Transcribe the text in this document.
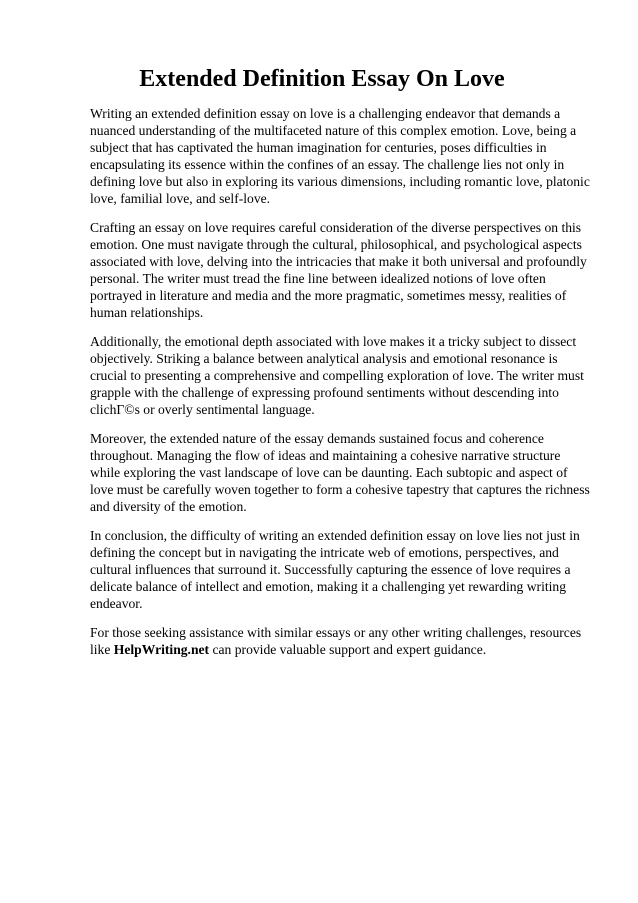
Extended Definition Essay On Love

Writing an extended definition essay on love is a challenging endeavor that demands a nuanced understanding of the multifaceted nature of this complex emotion. Love, being a subject that has captivated the human imagination for centuries, poses difficulties in encapsulating its essence within the confines of an essay. The challenge lies not only in defining love but also in exploring its various dimensions, including romantic love, platonic love, familial love, and self-love.

Crafting an essay on love requires careful consideration of the diverse perspectives on this emotion. One must navigate through the cultural, philosophical, and psychological aspects associated with love, delving into the intricacies that make it both universal and profoundly personal. The writer must tread the fine line between idealized notions of love often portrayed in literature and media and the more pragmatic, sometimes messy, realities of human relationships.

Additionally, the emotional depth associated with love makes it a tricky subject to dissect objectively. Striking a balance between analytical analysis and emotional resonance is crucial to presenting a comprehensive and compelling exploration of love. The writer must grapple with the challenge of expressing profound sentiments without descending into clichГ©s or overly sentimental language.

Moreover, the extended nature of the essay demands sustained focus and coherence throughout. Managing the flow of ideas and maintaining a cohesive narrative structure while exploring the vast landscape of love can be daunting. Each subtopic and aspect of love must be carefully woven together to form a cohesive tapestry that captures the richness and diversity of the emotion.

In conclusion, the difficulty of writing an extended definition essay on love lies not just in defining the concept but in navigating the intricate web of emotions, perspectives, and cultural influences that surround it. Successfully capturing the essence of love requires a delicate balance of intellect and emotion, making it a challenging yet rewarding writing endeavor.

For those seeking assistance with similar essays or any other writing challenges, resources like HelpWriting.net can provide valuable support and expert guidance.
